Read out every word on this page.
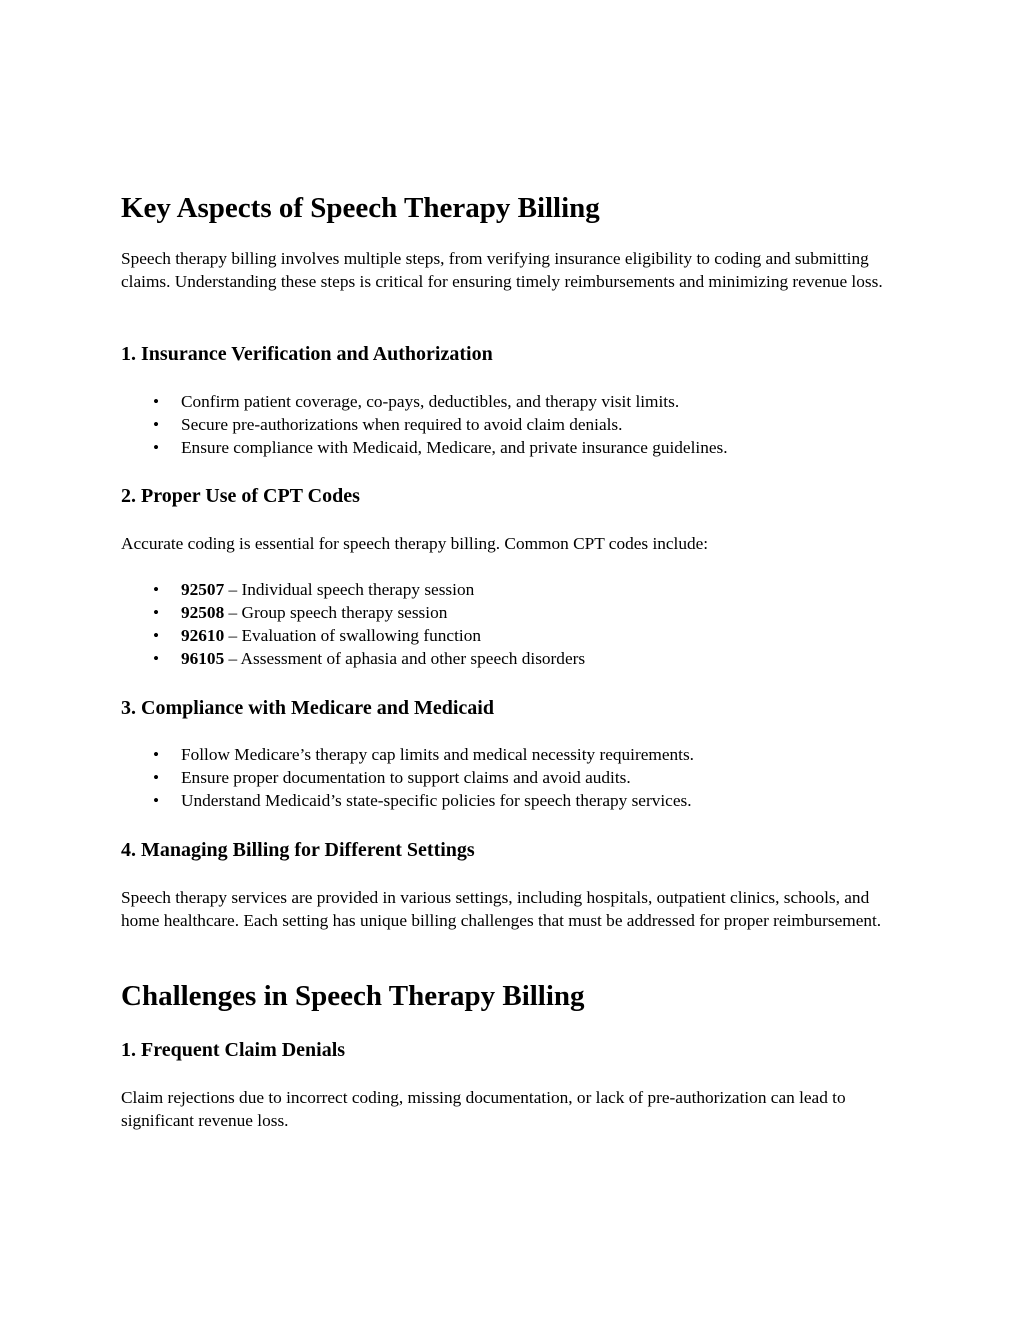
Key Aspects of Speech Therapy Billing
Speech therapy billing involves multiple steps, from verifying insurance eligibility to coding and submitting claims. Understanding these steps is critical for ensuring timely reimbursements and minimizing revenue loss.
1. Insurance Verification and Authorization
• Confirm patient coverage, co-pays, deductibles, and therapy visit limits.
• Secure pre-authorizations when required to avoid claim denials.
• Ensure compliance with Medicaid, Medicare, and private insurance guidelines.
2. Proper Use of CPT Codes
Accurate coding is essential for speech therapy billing. Common CPT codes include:
• 92507 – Individual speech therapy session
• 92508 – Group speech therapy session
• 92610 – Evaluation of swallowing function
• 96105 – Assessment of aphasia and other speech disorders
3. Compliance with Medicare and Medicaid
• Follow Medicare’s therapy cap limits and medical necessity requirements.
• Ensure proper documentation to support claims and avoid audits.
• Understand Medicaid’s state-specific policies for speech therapy services.
4. Managing Billing for Different Settings
Speech therapy services are provided in various settings, including hospitals, outpatient clinics, schools, and home healthcare. Each setting has unique billing challenges that must be addressed for proper reimbursement.
Challenges in Speech Therapy Billing
1. Frequent Claim Denials
Claim rejections due to incorrect coding, missing documentation, or lack of pre-authorization can lead to significant revenue loss.
